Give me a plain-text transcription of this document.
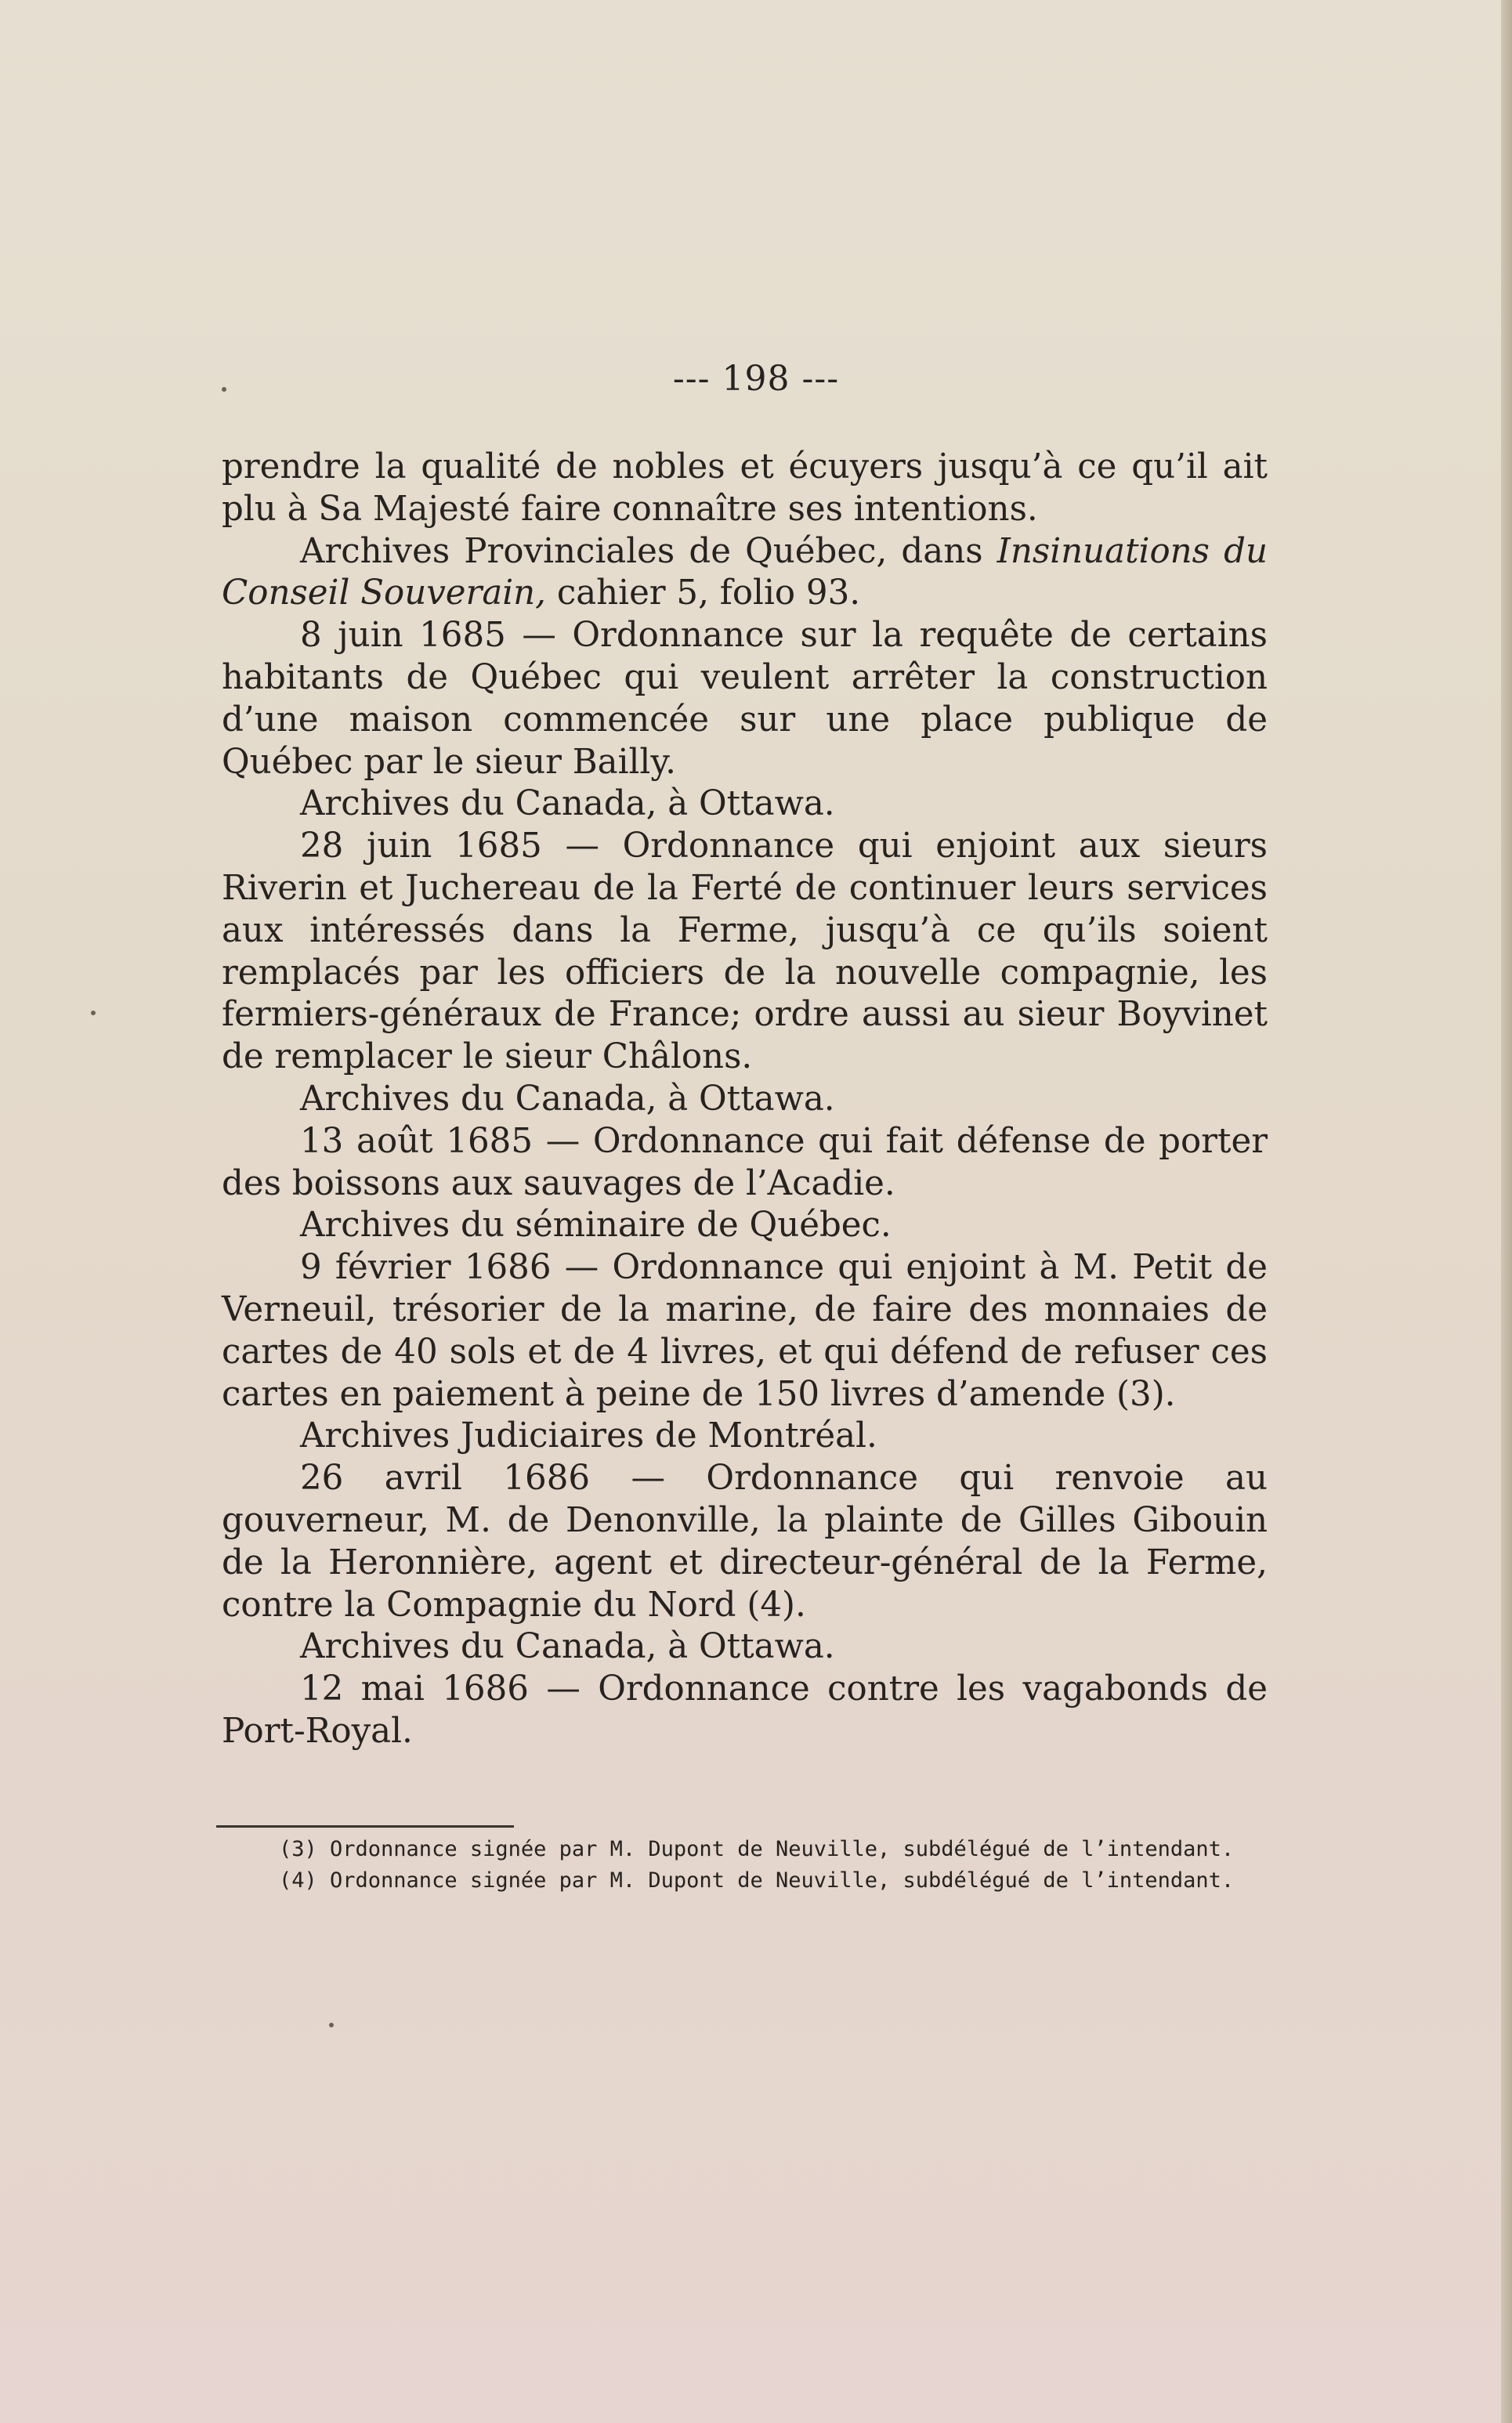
--- 198 ---

prendre la qualité de nobles et écuyers jusqu’à ce qu’il ait plu à Sa Majesté faire connaître ses intentions.

Archives Provinciales de Québec, dans Insinuations du Conseil Souverain, cahier 5, folio 93.

8 juin 1685 — Ordonnance sur la requête de certains habitants de Québec qui veulent arrêter la construction d’une maison commencée sur une place publique de Québec par le sieur Bailly.

Archives du Canada, à Ottawa.

28 juin 1685 — Ordonnance qui enjoint aux sieurs Riverin et Juchereau de la Ferté de continuer leurs services aux intéressés dans la Ferme, jusqu’à ce qu’ils soient remplacés par les officiers de la nouvelle compagnie, les fermiers-généraux de France; ordre aussi au sieur Boyvinet de remplacer le sieur Châlons.

Archives du Canada, à Ottawa.

13 août 1685 — Ordonnance qui fait défense de porter des boissons aux sauvages de l’Acadie.

Archives du séminaire de Québec.

9 février 1686 — Ordonnance qui enjoint à M. Petit de Verneuil, trésorier de la marine, de faire des monnaies de cartes de 40 sols et de 4 livres, et qui défend de refuser ces cartes en paiement à peine de 150 livres d’amende (3).

Archives Judiciaires de Montréal.

26 avril 1686 — Ordonnance qui renvoie au gouverneur, M. de Denonville, la plainte de Gilles Gibouin de la Heronnière, agent et directeur-général de la Ferme, contre la Compagnie du Nord (4).

Archives du Canada, à Ottawa.

12 mai 1686 — Ordonnance contre les vagabonds de Port-Royal.

(3) Ordonnance signée par M. Dupont de Neuville, subdélégué de l’intendant.

(4) Ordonnance signée par M. Dupont de Neuville, subdélégué de l’intendant.
